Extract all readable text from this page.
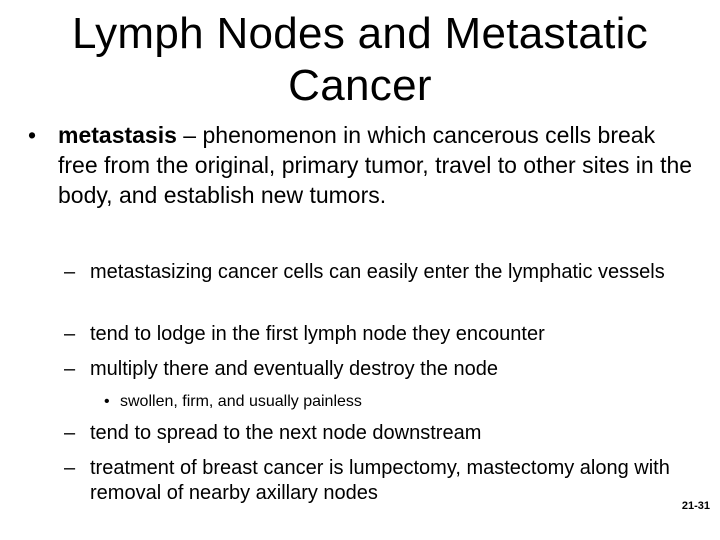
Lymph Nodes and Metastatic
Cancer
• metastasis – phenomenon in which cancerous cells break free from the original, primary tumor, travel to other sites in the body, and establish new tumors.
– metastasizing cancer cells can easily enter the lymphatic vessels
– tend to lodge in the first lymph node they encounter
– multiply there and eventually destroy the node
• swollen, firm, and usually painless
– tend to spread to the next node downstream
– treatment of breast cancer is lumpectomy, mastectomy along with removal of nearby axillary nodes
21-31
